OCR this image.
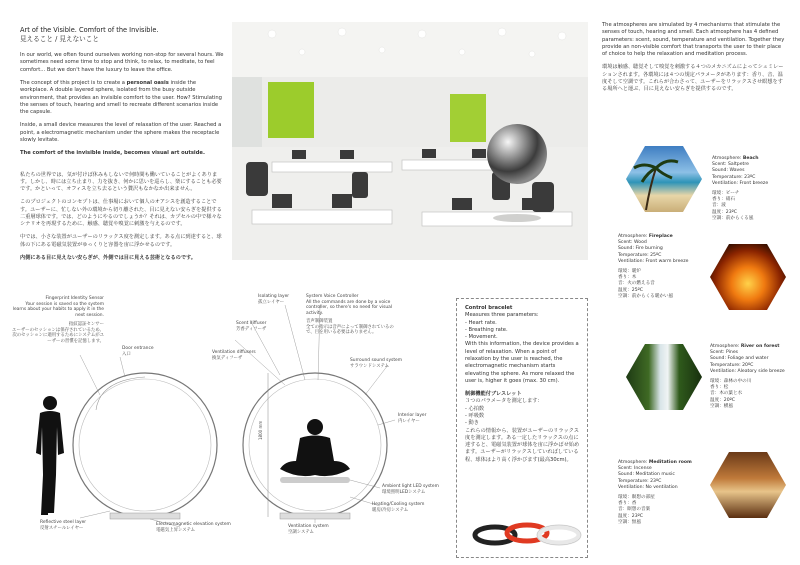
Art of the Visible. Comfort of the Invisible.
見えること / 見えないこと

In our world, we often found ourselves working non-stop for several hours. We sometimes need some time to stop and think, to relax, to meditate, to feel comfort... But we don't have the luxury to leave the office.

The concept of this project is to create a personal oasis inside the workplace. A double layered sphere, isolated from the busy outside environment, that provides an invisible comfort to the user. How? Stimulating the senses of touch, hearing and smell to recreate different scenarios inside the capsule.

Inside, a small device measures the level of relaxation of the user. Reached a point, a electromagnetic mechanism under the sphere makes the receptacle slowly levitate.

The comfort of the invisible inside, becomes visual art outside.

私たちの世界では、気が付けば休みもしないで何時間も働いていることがよくあります。しかし、時には立ち止まり、力を抜き、何かに思いを巡らし、楽にすることも必要です。かといって、オフィスを立ち去るという贅沢もなかなか出来ません。

このプロジェクトのコンセプトは、仕事場において個人のオアシスを創造することです。ユーザーに、忙しない外の環境から切り離された、目に見えない安らぎを提供する二重層球体です。では、どのようにやるのでしょうか？それは、カプセルの中で様々なシナリオを再現するために、触感、聴覚や嗅覚に刺激を与えるのです。

中では、小さな装置がユーザーのリラックス度を測定します。ある点に到達すると、球体の下にある電磁気装置がゆっくりと容器を宙に浮かせるのです。

内側にある目に見えない安らぎが、外側では目に見える芸術となるのです。

The atmospheres are simulated by 4 mechanisms that stimulate the senses of touch, hearing and smell. Each atmosphere has 4 defined parameters: scent, sound, temperature and ventilation. Together they provide an non-visible comfort that transports the user to their place of choice to help the relaxation and meditation process.

環境は触感、聴覚そして嗅覚を刺激する４つのメカニズムによってシュミレーションされます。各環境には４つの規定パラメータがあります：香り、音、温度そして空調です。これらが合わさって、ユーザーをリラックスさせ瞑想をする場所へと運ぶ、目に見えない安らぎを提供するのです。

Atmosphere: Beach
Scent: Saltpetre
Sound: Waves
Temperature: 23ºC
Ventilation: Front breeze
環境：ビーチ
香り：硝石
音：波
温度：23ºC
空調：前からくる風
Atmosphere: Fireplace
Scent: Wood
Sound: Fire burning
Temperature: 25ºC
Ventilation: Front warm breeze
環境：暖炉
香り：木
音：火の燃える音
温度：25ºC
空調：前からくる暖かい風
Atmosphere: River on forest
Scent: Pines
Sound: Foliage and water
Temperature: 20ºC
Ventilation: Aleatory side breeze
環境：森林の中の川
香り：松
音：木の葉と水
温度：20ºC
空調：横風
Atmosphere: Meditation room
Scent: Incense
Sound: Meditation music
Temperature: 23ºC
Ventilation: No ventilation
環境：瞑想の部屋
香り：香
音：瞑想の音楽
温度：23ºC
空調：無風
Fingerprint Identity Sensor
Your session is saved so the system learns about your habits to apply it in the next session.
指紋認証センサー
ユーザーのセッションは保存されているため、次のセッションに適用するためにシステムがユーザーの習慣を記憶します。
Door entrance
入口
Isolating layer
孤立レイヤー
Scent diffuser
芳香ディフーザ
Ventilation diffusers
換気ディフーザ
System Voice Controller
All the commands are done by a voice controller, so there's no need for visual activity.
音声制御装置
全ての指示は音声によって制御されているので、目を用いる必要はありません。
Surround sound system
サラウンドシステム
Interior layer
内レイヤー
1800 mm
Ambient light LED system
環境照明LEDシステム
Heating/Cooling system
暖房/冷房システム
Reflective steel layer
反射スチールレイヤー
Electromagnetic elevation system
電磁気上昇システム
Ventilation system
空調システム
Control bracelet
Measures three parameters:
- Heart rate.
- Breathing rate.
- Movement.
With this information, the device provides a level of relaxation. When a point of relaxation by the user is reached, the electromagnetic mechanism starts elevating the sphere. As more relaxed the user is, higher it goes (max. 30 cm).
制御機能付ブレスレット
３つのパラメータを測定します：
- 心拍数
- 呼吸数
- 動き
これらの情報から、装置がユーザーのリラックス度を測定します。ある一定したリラックスの点に達すると、電磁気装置が球体を宙に浮かばせ始めます。ユーザーがリラックスしていればしている程、球体はより高く浮かびます(最高30cm)。
